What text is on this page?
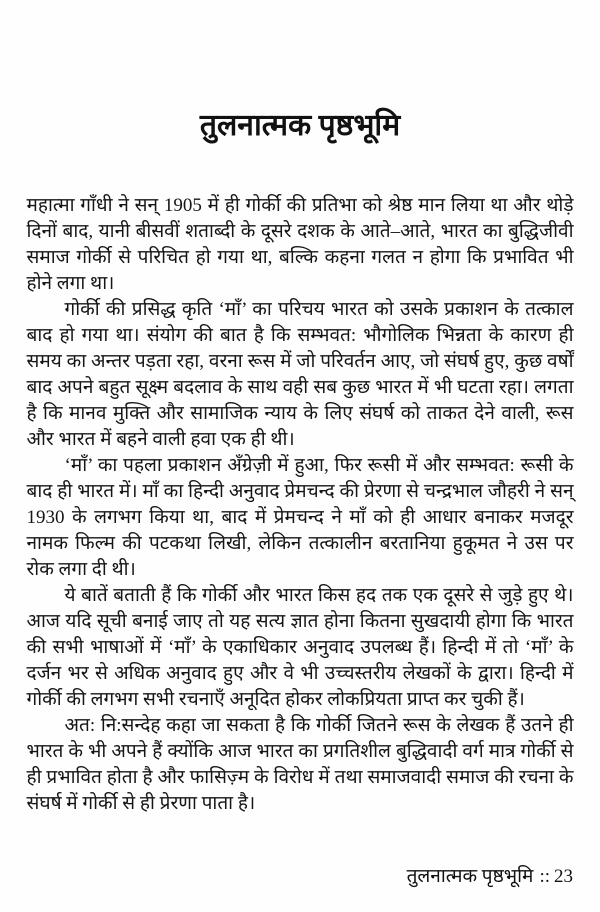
तुलनात्मक पृष्ठभूमि

महात्मा गाँधी ने सन् 1905 में ही गोर्की की प्रतिभा को श्रेष्ठ मान लिया था और थोड़े दिनों बाद, यानी बीसवीं शताब्दी के दूसरे दशक के आते–आते, भारत का बुद्धिजीवी समाज गोर्की से परिचित हो गया था, बल्कि कहना गलत न होगा कि प्रभावित भी होने लगा था।

गोर्की की प्रसिद्ध कृति ‘माँ’ का परिचय भारत को उसके प्रकाशन के तत्काल बाद हो गया था। संयोग की बात है कि सम्भवत: भौगोलिक भिन्नता के कारण ही समय का अन्तर पड़ता रहा, वरना रूस में जो परिवर्तन आए, जो संघर्ष हुए, कुछ वर्षों बाद अपने बहुत सूक्ष्म बदलाव के साथ वही सब कुछ भारत में भी घटता रहा। लगता है कि मानव मुक्ति और सामाजिक न्याय के लिए संघर्ष को ताकत देने वाली, रूस और भारत में बहने वाली हवा एक ही थी।

‘माँ’ का पहला प्रकाशन अँग्रेज़ी में हुआ, फिर रूसी में और सम्भवत: रूसी के बाद ही भारत में। माँ का हिन्दी अनुवाद प्रेमचन्द की प्रेरणा से चन्द्रभाल जौहरी ने सन् 1930 के लगभग किया था, बाद में प्रेमचन्द ने माँ को ही आधार बनाकर मजदूर नामक फिल्म की पटकथा लिखी, लेकिन तत्कालीन बरतानिया हुकूमत ने उस पर रोक लगा दी थी।

ये बातें बताती हैं कि गोर्की और भारत किस हद तक एक दूसरे से जुड़े हुए थे। आज यदि सूची बनाई जाए तो यह सत्य ज्ञात होना कितना सुखदायी होगा कि भारत की सभी भाषाओं में ‘माँ’ के एकाधिकार अनुवाद उपलब्ध हैं। हिन्दी में तो ‘माँ’ के दर्जन भर से अधिक अनुवाद हुए और वे भी उच्चस्तरीय लेखकों के द्वारा। हिन्दी में गोर्की की लगभग सभी रचनाएँ अनूदित होकर लोकप्रियता प्राप्त कर चुकी हैं।

अत: नि:सन्देह कहा जा सकता है कि गोर्की जितने रूस के लेखक हैं उतने ही भारत के भी अपने हैं क्योंकि आज भारत का प्रगतिशील बुद्धिवादी वर्ग मात्र गोर्की से ही प्रभावित होता है और फासिज़्म के विरोध में तथा समाजवादी समाज की रचना के संघर्ष में गोर्की से ही प्रेरणा पाता है।

तुलनात्मक पृष्ठभूमि :: 23
